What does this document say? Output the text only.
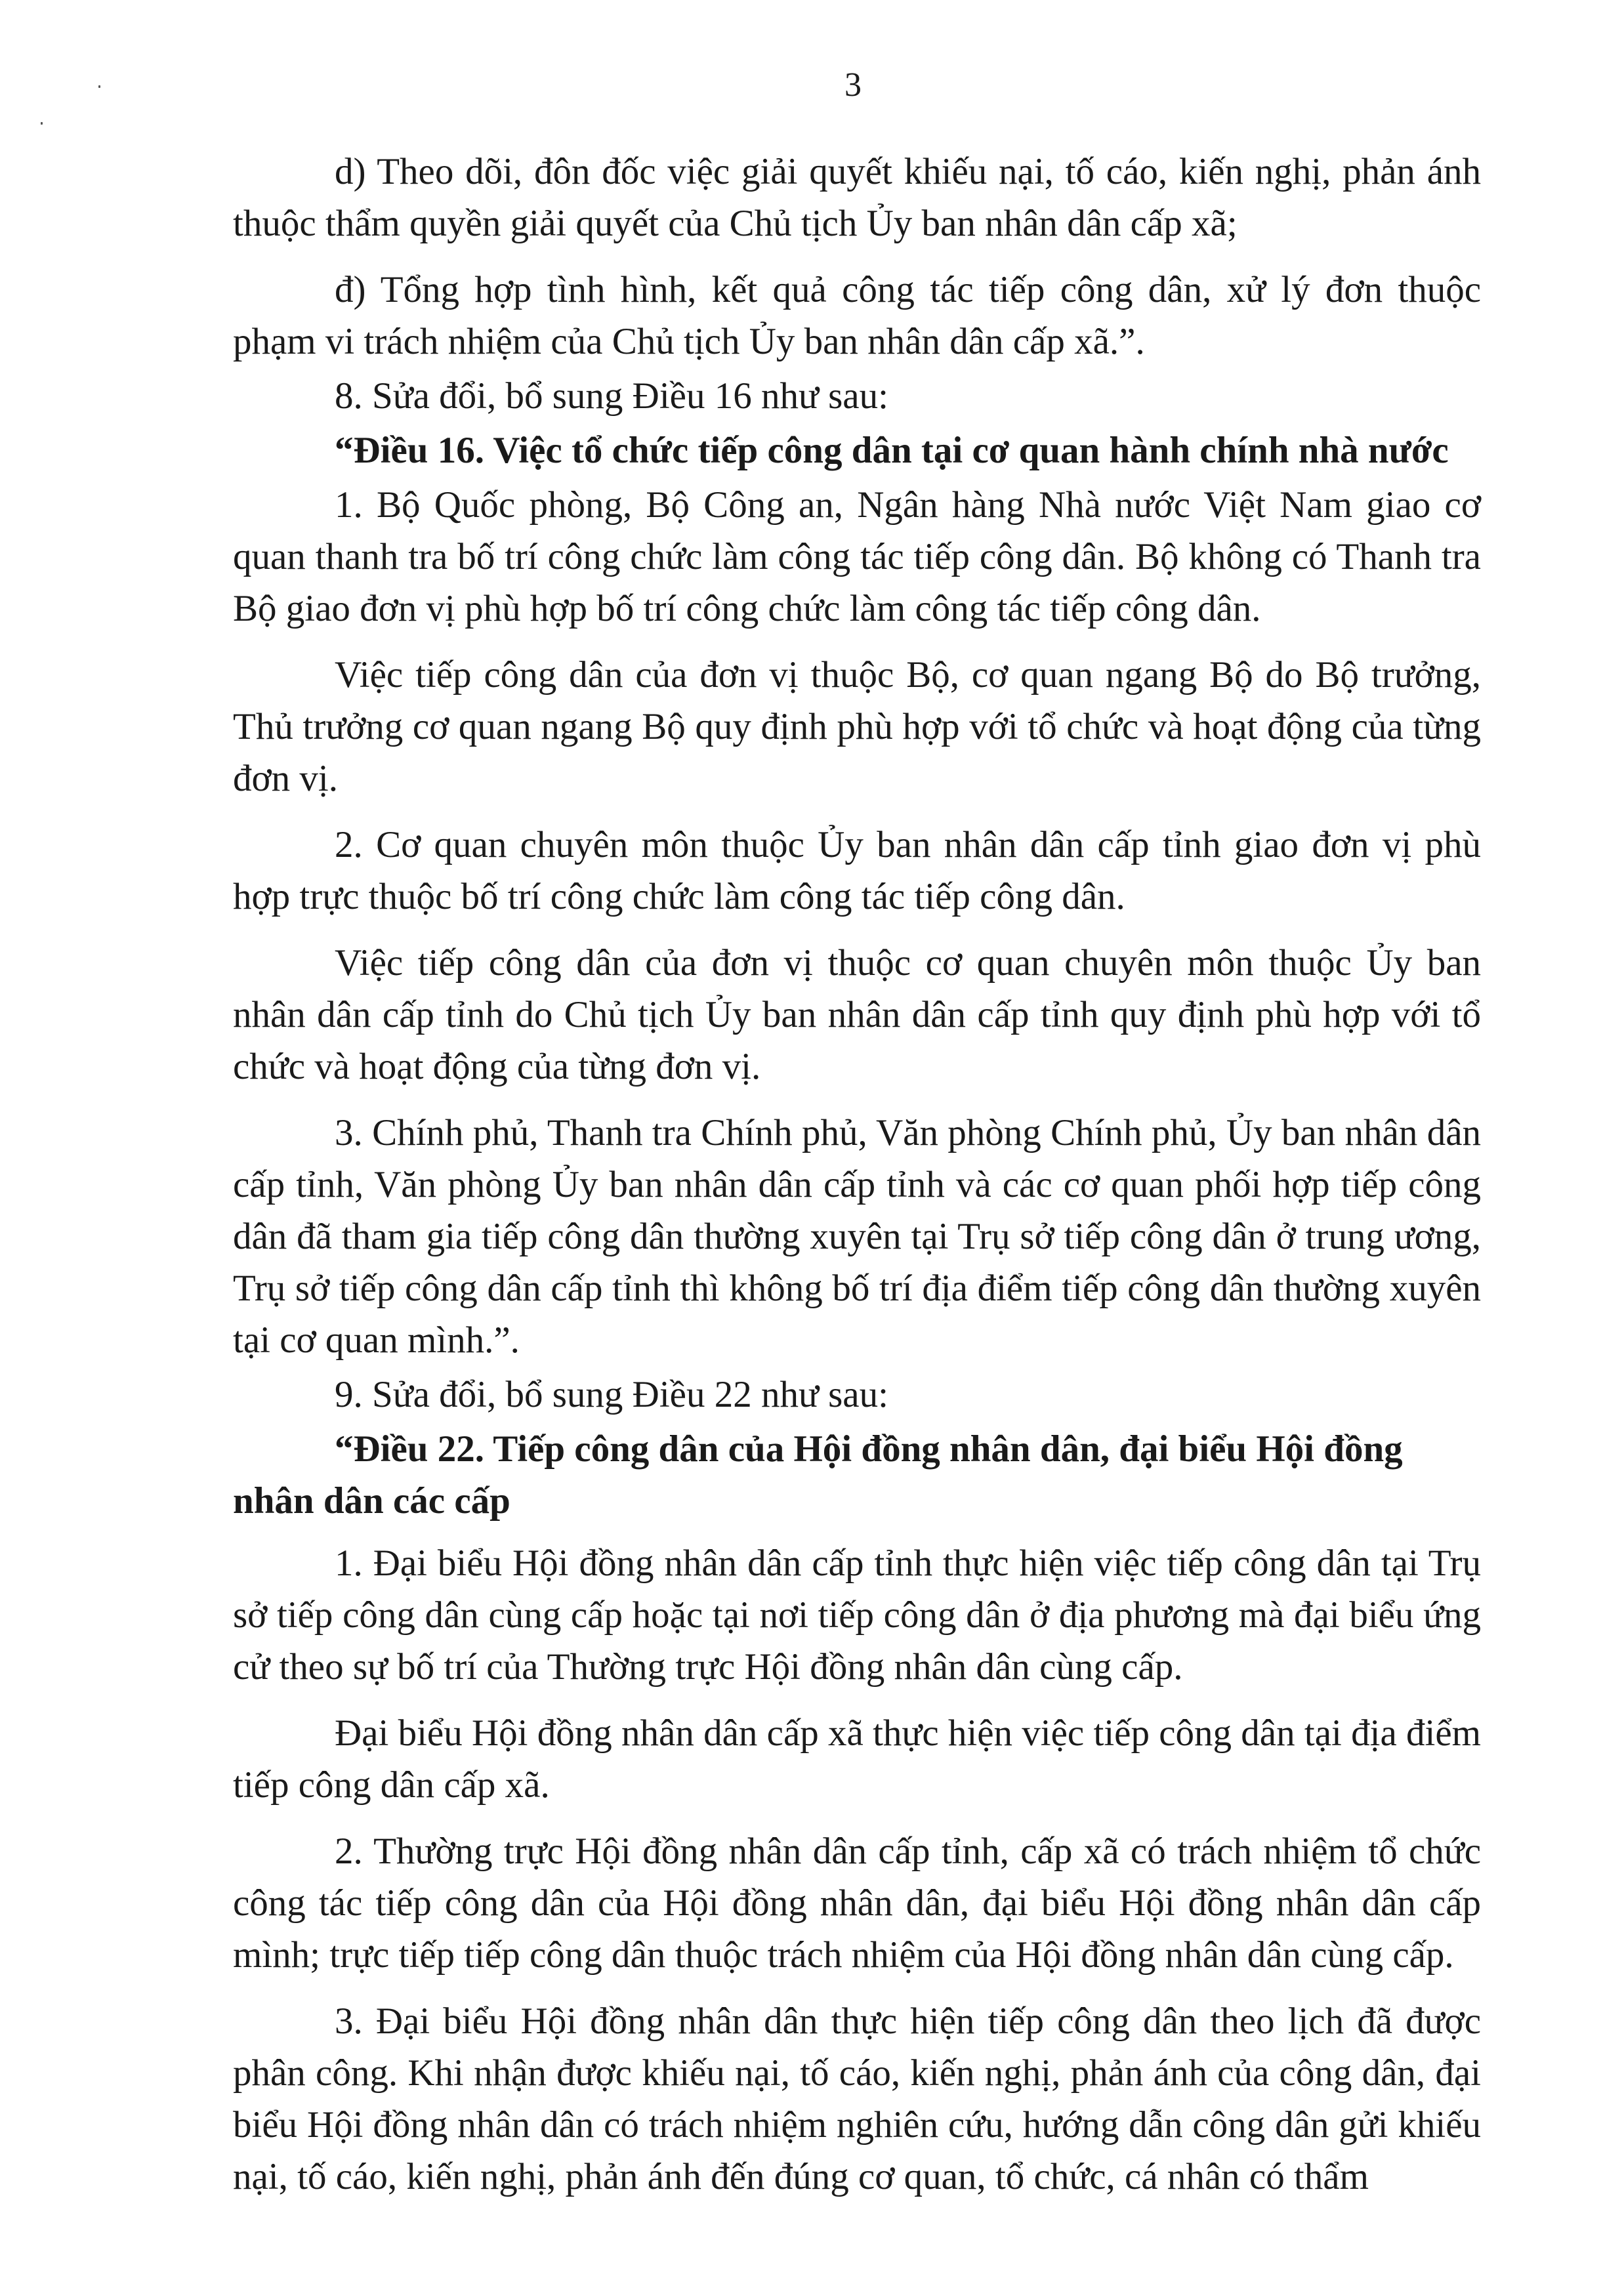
3

d) Theo dõi, đôn đốc việc giải quyết khiếu nại, tố cáo, kiến nghị, phản ánh thuộc thẩm quyền giải quyết của Chủ tịch Ủy ban nhân dân cấp xã;

đ) Tổng hợp tình hình, kết quả công tác tiếp công dân, xử lý đơn thuộc phạm vi trách nhiệm của Chủ tịch Ủy ban nhân dân cấp xã.”.

8. Sửa đổi, bổ sung Điều 16 như sau:

“Điều 16. Việc tổ chức tiếp công dân tại cơ quan hành chính nhà nước

1. Bộ Quốc phòng, Bộ Công an, Ngân hàng Nhà nước Việt Nam giao cơ quan thanh tra bố trí công chức làm công tác tiếp công dân. Bộ không có Thanh tra Bộ giao đơn vị phù hợp bố trí công chức làm công tác tiếp công dân.

Việc tiếp công dân của đơn vị thuộc Bộ, cơ quan ngang Bộ do Bộ trưởng, Thủ trưởng cơ quan ngang Bộ quy định phù hợp với tổ chức và hoạt động của từng đơn vị.

2. Cơ quan chuyên môn thuộc Ủy ban nhân dân cấp tỉnh giao đơn vị phù hợp trực thuộc bố trí công chức làm công tác tiếp công dân.

Việc tiếp công dân của đơn vị thuộc cơ quan chuyên môn thuộc Ủy ban nhân dân cấp tỉnh do Chủ tịch Ủy ban nhân dân cấp tỉnh quy định phù hợp với tổ chức và hoạt động của từng đơn vị.

3. Chính phủ, Thanh tra Chính phủ, Văn phòng Chính phủ, Ủy ban nhân dân cấp tỉnh, Văn phòng Ủy ban nhân dân cấp tỉnh và các cơ quan phối hợp tiếp công dân đã tham gia tiếp công dân thường xuyên tại Trụ sở tiếp công dân ở trung ương, Trụ sở tiếp công dân cấp tỉnh thì không bố trí địa điểm tiếp công dân thường xuyên tại cơ quan mình.”.

9. Sửa đổi, bổ sung Điều 22 như sau:

“Điều 22. Tiếp công dân của Hội đồng nhân dân, đại biểu Hội đồng nhân dân các cấp

1. Đại biểu Hội đồng nhân dân cấp tỉnh thực hiện việc tiếp công dân tại Trụ sở tiếp công dân cùng cấp hoặc tại nơi tiếp công dân ở địa phương mà đại biểu ứng cử theo sự bố trí của Thường trực Hội đồng nhân dân cùng cấp.

Đại biểu Hội đồng nhân dân cấp xã thực hiện việc tiếp công dân tại địa điểm tiếp công dân cấp xã.

2. Thường trực Hội đồng nhân dân cấp tỉnh, cấp xã có trách nhiệm tổ chức công tác tiếp công dân của Hội đồng nhân dân, đại biểu Hội đồng nhân dân cấp mình; trực tiếp tiếp công dân thuộc trách nhiệm của Hội đồng nhân dân cùng cấp.

3. Đại biểu Hội đồng nhân dân thực hiện tiếp công dân theo lịch đã được phân công. Khi nhận được khiếu nại, tố cáo, kiến nghị, phản ánh của công dân, đại biểu Hội đồng nhân dân có trách nhiệm nghiên cứu, hướng dẫn công dân gửi khiếu nại, tố cáo, kiến nghị, phản ánh đến đúng cơ quan, tổ chức, cá nhân có thẩm
